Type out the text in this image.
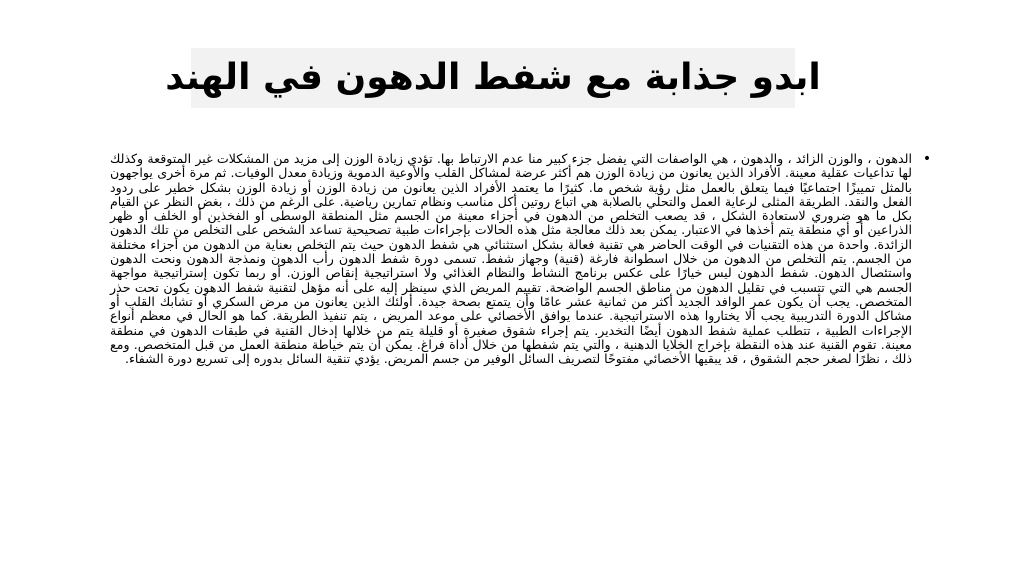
ابدو جذابة مع شفط الدهون في الهند
•

الدهون ، والوزن الزائد ، والدهون ، هي الواصفات التي يفضل جزء كبير منا عدم الارتباط بها. تؤدي زيادة الوزن إلى مزيد من المشكلات غير المتوقعة وكذلك لها تداعيات عقلية معينة. الأفراد الذين يعانون من زيادة الوزن هم أكثر عرضة لمشاكل القلب والأوعية الدموية وزيادة معدل الوفيات. ثم مرة أخرى يواجهون بالمثل تمييزًا اجتماعيًا فيما يتعلق بالعمل مثل رؤية شخص ما. كثيرًا ما يعتمد الأفراد الذين يعانون من زيادة الوزن أو زيادة الوزن بشكل خطير على ردود الفعل والنقد. الطريقة المثلى لرعاية العمل والتحلي بالصلابة هي اتباع روتين أكل مناسب ونظام تمارين رياضية. على الرغم من ذلك ، بغض النظر عن القيام بكل ما هو ضروري لاستعادة الشكل ، قد يصعب التخلص من الدهون في أجزاء معينة من الجسم مثل المنطقة الوسطى أو الفخذين أو الخلف أو ظهر الذراعين أو أي منطقة يتم أخذها في الاعتبار. يمكن بعد ذلك معالجة مثل هذه الحالات بإجراءات طبية تصحيحية تساعد الشخص على التخلص من تلك الدهون الزائدة. واحدة من هذه التقنيات في الوقت الحاضر هي تقنية فعالة بشكل استثنائي هي شفط الدهون حيث يتم التخلص بعناية من الدهون من أجزاء مختلفة من الجسم. يتم التخلص من الدهون من خلال اسطوانة فارغة (قنية) وجهاز شفط. تسمى دورة شفط الدهون رأب الدهون ونمذجة الدهون ونحت الدهون واستئصال الدهون. شفط الدهون ليس خيارًا على عكس برنامج النشاط والنظام الغذائي ولا استراتيجية إنقاص الوزن. أو ربما تكون إستراتيجية مواجهة الجسم هي التي تتسبب في تقليل الدهون من مناطق الجسم الواضحة. تقييم المريض الذي سينظر إليه على أنه مؤهل لتقنية شفط الدهون يكون تحت حذر المتخصص. يجب أن يكون عمر الوافد الجديد أكثر من ثمانية عشر عامًا وأن يتمتع بصحة جيدة. أولئك الذين يعانون من مرض السكري أو تشابك القلب أو مشاكل الدورة التدريبية يجب ألا يختاروا هذه الاستراتيجية. عندما يوافق الأخصائي على موعد المريض ، يتم تنفيذ الطريقة. كما هو الحال في معظم أنواع الإجراءات الطبية ، تتطلب عملية شفط الدهون أيضًا التخدير. يتم إجراء شقوق صغيرة أو قليلة يتم من خلالها إدخال القنية في طبقات الدهون في منطقة معينة. تقوم القنية عند هذه النقطة بإخراج الخلايا الدهنية ، والتي يتم شفطها من خلال أداة فراغ. يمكن أن يتم خياطة منطقة العمل من قبل المتخصص. ومع ذلك ، نظرًا لصغر حجم الشقوق ، قد يبقيها الأخصائي مفتوحًا لتصريف السائل الوفير من جسم المريض. يؤدي تنقية السائل بدوره إلى تسريع دورة الشفاء.
